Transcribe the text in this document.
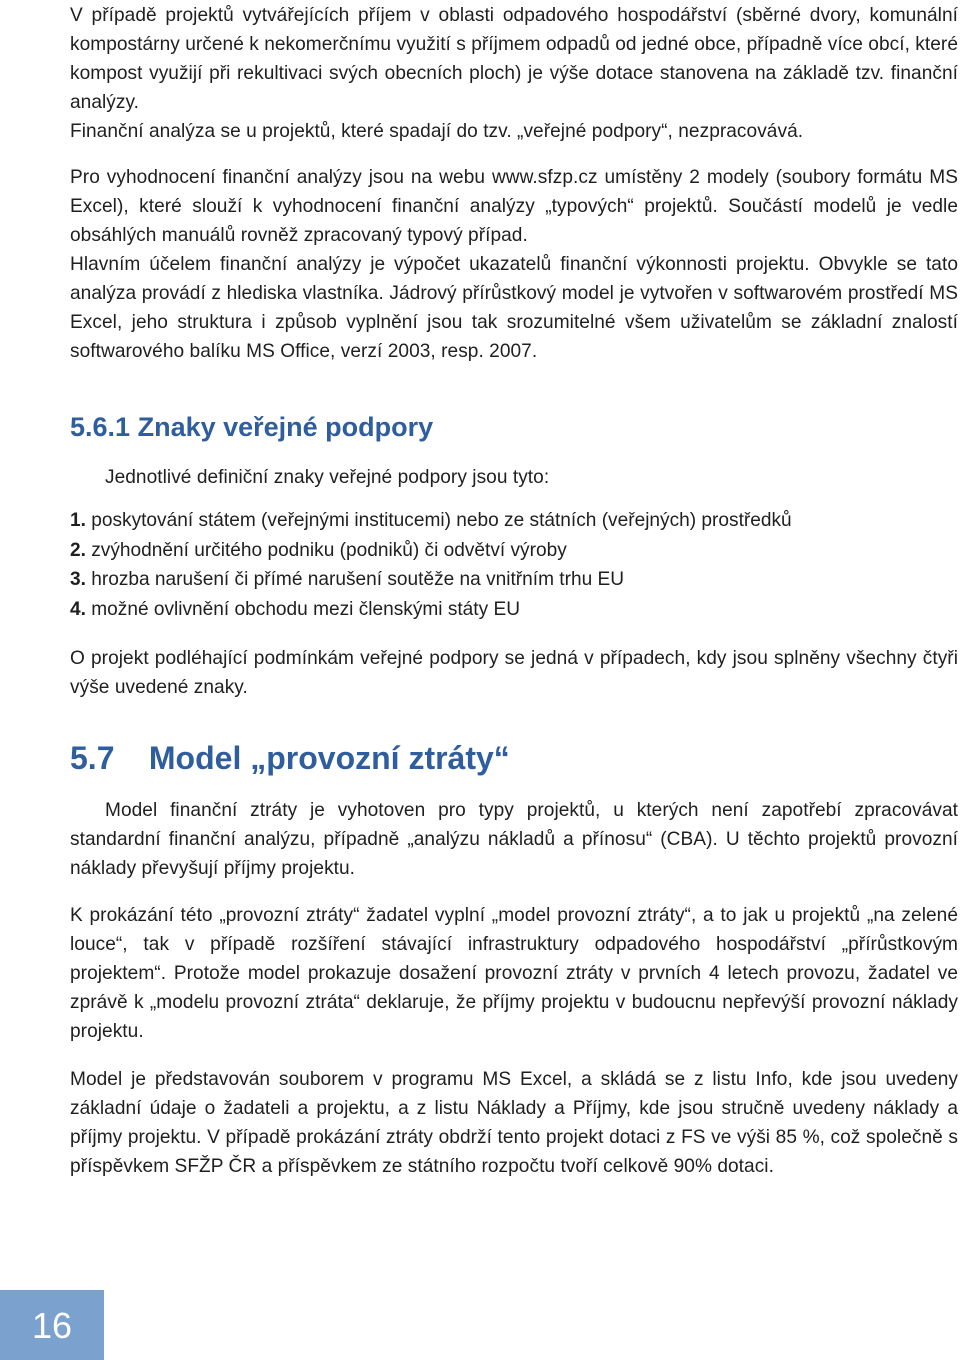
V případě projektů vytvářejících příjem v oblasti odpadového hospodářství (sběrné dvory, komunální kompostárny určené k nekomerčnímu využití s příjmem odpadů od jedné obce, případně více obcí, které kompost využijí při rekultivaci svých obecních ploch) je výše dotace stanovena na základě tzv. finanční analýzy.

Finanční analýza se u projektů, které spadají do tzv. „veřejné podpory“, nezpracovává.

Pro vyhodnocení finanční analýzy jsou na webu www.sfzp.cz umístěny 2 modely (soubory formátu MS Excel), které slouží k vyhodnocení finanční analýzy „typových“ projektů. Součástí modelů je vedle obsáhlých manuálů rovněž zpracovaný typový případ.

Hlavním účelem finanční analýzy je výpočet ukazatelů finanční výkonnosti projektu. Obvykle se tato analýza provádí z hlediska vlastníka. Jádrový přírůstkový model je vytvořen v softwarovém prostředí MS Excel, jeho struktura i způsob vyplnění jsou tak srozumitelné všem uživatelům se základní znalostí softwarového balíku MS Office, verzí 2003, resp. 2007.

5.6.1 Znaky veřejné podpory

Jednotlivé definiční znaky veřejné podpory jsou tyto:

1. poskytování státem (veřejnými institucemi) nebo ze státních (veřejných) prostředků
2. zvýhodnění určitého podniku (podniků) či odvětví výroby
3. hrozba narušení či přímé narušení soutěže na vnitřním trhu EU
4. možné ovlivnění obchodu mezi členskými státy EU

O projekt podléhající podmínkám veřejné podpory se jedná v případech, kdy jsou splněny všechny čtyři výše uvedené znaky.

5.7 Model „provozní ztráty“

Model finanční ztráty je vyhotoven pro typy projektů, u kterých není zapotřebí zpracovávat standardní finanční analýzu, případně „analýzu nákladů a přínosu“ (CBA). U těchto projektů provozní náklady převyšují příjmy projektu.

K prokázání této „provozní ztráty“ žadatel vyplní „model provozní ztráty“, a to jak u projektů „na zelené louce“, tak v případě rozšíření stávající infrastruktury odpadového hospodářství „přírůstkovým projektem“. Protože model prokazuje dosažení provozní ztráty v prvních 4 letech provozu, žadatel ve zprávě k „modelu provozní ztráta“ deklaruje, že příjmy projektu v budoucnu nepřevýší provozní náklady projektu.

Model je představován souborem v programu MS Excel, a skládá se z listu Info, kde jsou uvedeny základní údaje o žadateli a projektu, a z listu Náklady a Příjmy, kde jsou stručně uvedeny náklady a příjmy projektu. V případě prokázání ztráty obdrží tento projekt dotaci z FS ve výši 85 %, což společně s příspěvkem SFŽP ČR a příspěvkem ze státního rozpočtu tvoří celkově 90% dotaci.

16
